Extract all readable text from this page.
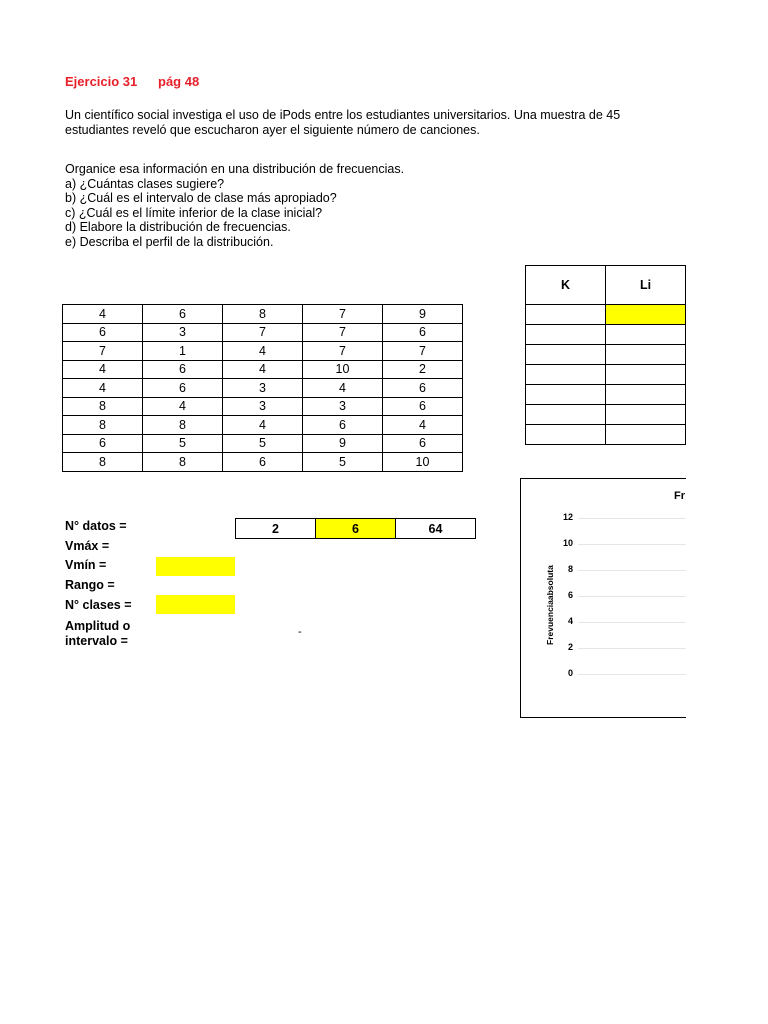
Ejercicio 31 pág 48
Un científico social investiga el uso de iPods entre los estudiantes universitarios. Una muestra de 45
estudiantes reveló que escucharon ayer el siguiente número de canciones.
Organice esa información en una distribución de frecuencias.
a) ¿Cuántas clases sugiere?
b) ¿Cuál es el intervalo de clase más apropiado?
c) ¿Cuál es el límite inferior de la clase inicial?
d) Elabore la distribución de frecuencias.
e) Describa el perfil de la distribución.
4	6	8	7	9
6	3	7	7	6
7	1	4	7	7
4	6	4	10	2
4	6	3	4	6
8	4	3	3	6
8	8	4	6	4
6	5	5	9	6
8	8	6	5	10
K	Li

N° datos =
Vmáx =
Vmín =
Rango =
N° clases =
Amplitud o
intervalo =
2	6	64
-
Fr
Frevuenciaabsoluta
12
10
8
6
4
2
0
